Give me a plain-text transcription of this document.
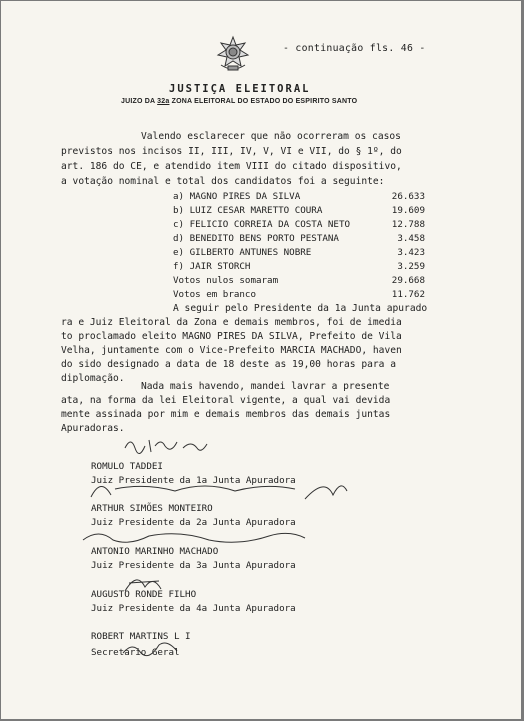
- continuação fls. 46 -
JUSTIÇA ELEITORAL
JUIZO DA 32a ZONA ELEITORAL DO ESTADO DO ESPIRITO SANTO
Valendo esclarecer que não ocorreram os casos
previstos nos incisos II, III, IV, V, VI e VII, do § 1º, do
art. 186 do CE, e atendido item VIII do citado dispositivo,
a votação nominal e total dos candidatos foi a seguinte:
a) MAGNO PIRES DA SILVA	26.633
b) LUIZ CESAR MARETTO COURA	19.609
c) FELICIO CORREIA DA COSTA NETO	12.788
d) BENEDITO BENS PORTO PESTANA	3.458
e) GILBERTO ANTUNES NOBRE	3.423
f) JAIR STORCH	3.259
Votos nulos somaram	29.668
Votos em branco	11.762
A seguir pelo Presidente da 1a Junta apurado
ra e Juiz Eleitoral da Zona e demais membros, foi de imedia
to proclamado eleito MAGNO PIRES DA SILVA, Prefeito de Vila
Velha, juntamente com o Vice-Prefeito MARCIA MACHADO, haven
do sido designado a data de 18 deste as 19,00 horas para a
diplomação.
Nada mais havendo, mandei lavrar a presente
ata, na forma da lei Eleitoral vigente, a qual vai devida
mente assinada por mim e demais membros das demais juntas
Apuradoras.
ROMULO TADDEI
Juiz Presidente da 1a Junta Apuradora
ARTHUR SIMÕES MONTEIRO
Juiz Presidente da 2a Junta Apuradora
ANTONIO MARINHO MACHADO
Juiz Presidente da 3a Junta Apuradora
AUGUSTO RONDE FILHO
Juiz Presidente da 4a Junta Apuradora
ROBERT MARTINS L I
Secretario Geral
